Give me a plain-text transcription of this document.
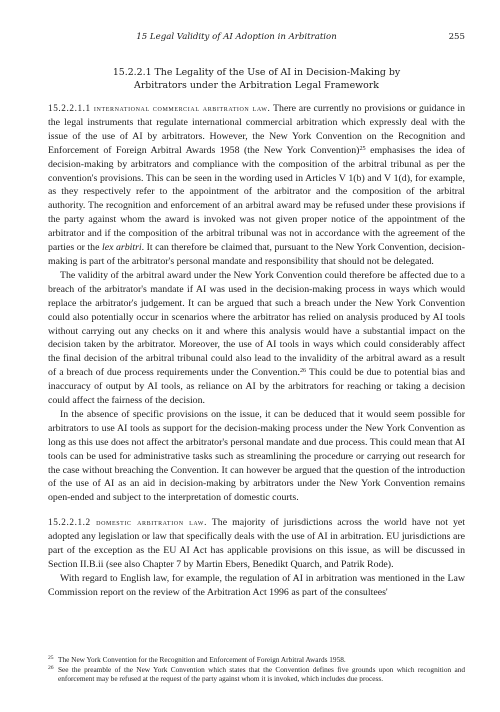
15 Legal Validity of AI Adoption in Arbitration	255
15.2.2.1 The Legality of the Use of AI in Decision-Making by
Arbitrators under the Arbitration Legal Framework

15.2.2.1.1 international commercial arbitration law. There are currently no provisions or guidance in the legal instruments that regulate international commercial arbitration which expressly deal with the issue of the use of AI by arbitrators. However, the New York Convention on the Recognition and Enforcement of Foreign Arbitral Awards 1958 (the New York Convention)$^{25}$ emphasises the idea of decision-making by arbitrators and compliance with the composition of the arbitral tribunal as per the convention's provisions. This can be seen in the wording used in Articles V 1(b) and V 1(d), for example, as they respectively refer to the appointment of the arbitrator and the composition of the arbitral authority. The recognition and enforcement of an arbitral award may be refused under these provisions if the party against whom the award is invoked was not given proper notice of the appointment of the arbitrator and if the composition of the arbitral tribunal was not in accordance with the agreement of the parties or the lex arbitri. It can therefore be claimed that, pursuant to the New York Convention, decision-making is part of the arbitrator's personal mandate and responsibility that should not be delegated.

The validity of the arbitral award under the New York Convention could therefore be affected due to a breach of the arbitrator's mandate if AI was used in the decision-making process in ways which would replace the arbitrator's judgement. It can be argued that such a breach under the New York Convention could also potentially occur in scenarios where the arbitrator has relied on analysis produced by AI tools without carrying out any checks on it and where this analysis would have a substantial impact on the decision taken by the arbitrator. Moreover, the use of AI tools in ways which could considerably affect the final decision of the arbitral tribunal could also lead to the invalidity of the arbitral award as a result of a breach of due process requirements under the Convention.$^{26}$ This could be due to potential bias and inaccuracy of output by AI tools, as reliance on AI by the arbitrators for reaching or taking a decision could affect the fairness of the decision.

In the absence of specific provisions on the issue, it can be deduced that it would seem possible for arbitrators to use AI tools as support for the decision-making process under the New York Convention as long as this use does not affect the arbitrator's personal mandate and due process. This could mean that AI tools can be used for administrative tasks such as streamlining the procedure or carrying out research for the case without breaching the Convention. It can however be argued that the question of the introduction of the use of AI as an aid in decision-making by arbitrators under the New York Convention remains open-ended and subject to the interpretation of domestic courts.

15.2.2.1.2 domestic arbitration law. The majority of jurisdictions across the world have not yet adopted any legislation or law that specifically deals with the use of AI in arbitration. EU jurisdictions are part of the exception as the EU AI Act has applicable provisions on this issue, as will be discussed in Section II.B.ii (see also Chapter 7 by Martin Ebers, Benedikt Quarch, and Patrik Rode).

With regard to English law, for example, the regulation of AI in arbitration was mentioned in the Law Commission report on the review of the Arbitration Act 1996 as part of the consultees'

25 The New York Convention for the Recognition and Enforcement of Foreign Arbitral Awards 1958.
26 See the preamble of the New York Convention which states that the Convention defines five grounds upon which recognition and enforcement may be refused at the request of the party against whom it is invoked, which includes due process.
